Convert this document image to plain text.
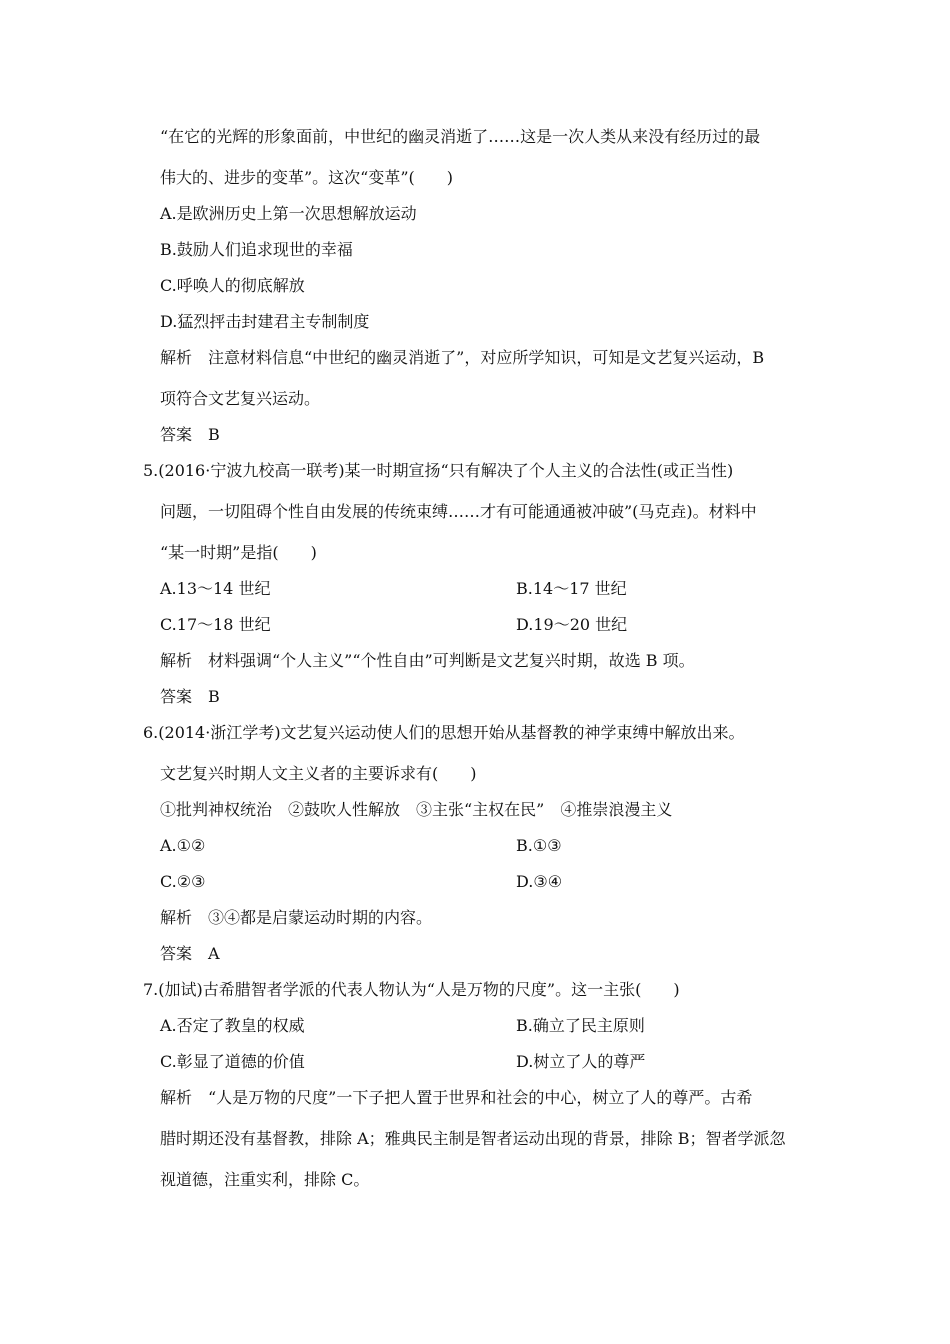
“在它的光辉的形象面前，中世纪的幽灵消逝了……这是一次人类从来没有经历过的最
伟大的、进步的变革”。这次“变革”(　　)
A.是欧洲历史上第一次思想解放运动
B.鼓励人们追求现世的幸福
C.呼唤人的彻底解放
D.猛烈抨击封建君主专制制度
解析　注意材料信息“中世纪的幽灵消逝了”，对应所学知识，可知是文艺复兴运动，B
项符合文艺复兴运动。
答案　B
5.(2016·宁波九校高一联考)某一时期宣扬“只有解决了个人主义的合法性(或正当性)
问题，一切阻碍个性自由发展的传统束缚……才有可能通通被冲破”(马克垚)。材料中
“某一时期”是指(　　)
A.13～14 世纪	B.14～17 世纪
C.17～18 世纪	D.19～20 世纪
解析　材料强调“个人主义”“个性自由”可判断是文艺复兴时期，故选 B 项。
答案　B
6.(2014·浙江学考)文艺复兴运动使人们的思想开始从基督教的神学束缚中解放出来。
文艺复兴时期人文主义者的主要诉求有(　　)
①批判神权统治　②鼓吹人性解放　③主张“主权在民”　④推崇浪漫主义
A.①②	B.①③
C.②③	D.③④
解析　③④都是启蒙运动时期的内容。
答案　A
7.(加试)古希腊智者学派的代表人物认为“人是万物的尺度”。这一主张(　　)
A.否定了教皇的权威	B.确立了民主原则
C.彰显了道德的价值	D.树立了人的尊严
解析　“人是万物的尺度”一下子把人置于世界和社会的中心，树立了人的尊严。古希
腊时期还没有基督教，排除 A；雅典民主制是智者运动出现的背景，排除 B；智者学派忽
视道德，注重实利，排除 C。
